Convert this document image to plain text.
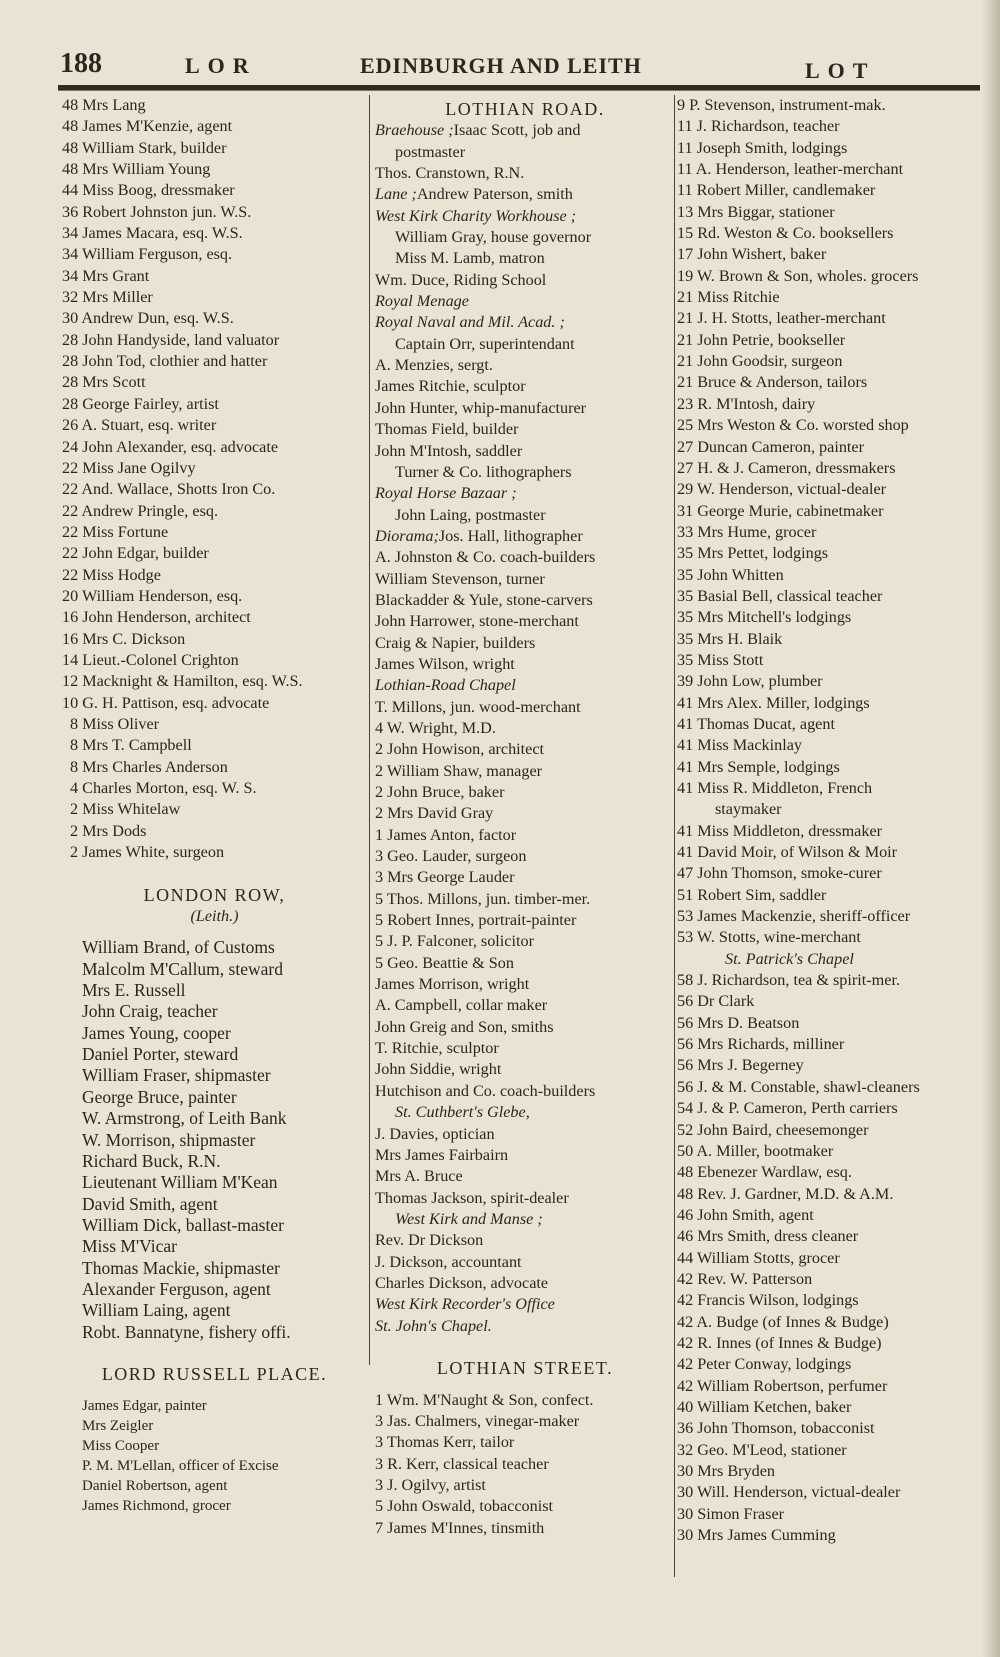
188	LOR	EDINBURGH AND LEITH	LOT
48 Mrs Lang
48 James M'Kenzie, agent
48 William Stark, builder
48 Mrs William Young
44 Miss Boog, dressmaker
36 Robert Johnston jun. W.S.
34 James Macara, esq. W.S.
34 William Ferguson, esq.
34 Mrs Grant
32 Mrs Miller
30 Andrew Dun, esq. W.S.
28 John Handyside, land valuator
28 John Tod, clothier and hatter
28 Mrs Scott
28 George Fairley, artist
26 A. Stuart, esq. writer
24 John Alexander, esq. advocate
22 Miss Jane Ogilvy
22 And. Wallace, Shotts Iron Co.
22 Andrew Pringle, esq.
22 Miss Fortune
22 John Edgar, builder
22 Miss Hodge
20 William Henderson, esq.
16 John Henderson, architect
16 Mrs C. Dickson
14 Lieut.-Colonel Crighton
12 Macknight & Hamilton, esq. W.S.
10 G. H. Pattison, esq. advocate
8 Miss Oliver
8 Mrs T. Campbell
8 Mrs Charles Anderson
4 Charles Morton, esq. W. S.
2 Miss Whitelaw
2 Mrs Dods
2 James White, surgeon
LONDON ROW,
(Leith.)
William Brand, of Customs
Malcolm M'Callum, steward
Mrs E. Russell
John Craig, teacher
James Young, cooper
Daniel Porter, steward
William Fraser, shipmaster
George Bruce, painter
W. Armstrong, of Leith Bank
W. Morrison, shipmaster
Richard Buck, R.N.
Lieutenant William M'Kean
David Smith, agent
William Dick, ballast-master
Miss M'Vicar
Thomas Mackie, shipmaster
Alexander Ferguson, agent
William Laing, agent
Robt. Bannatyne, fishery offi.
LORD RUSSELL PLACE.
James Edgar, painter
Mrs Zeigler
Miss Cooper
P. M. M'Lellan, officer of Excise
Daniel Robertson, agent
James Richmond, grocer
LOTHIAN ROAD.
Braehouse ;Isaac Scott, job and
postmaster
Thos. Cranstown, R.N.
Lane ;Andrew Paterson, smith
West Kirk Charity Workhouse ;
William Gray, house governor
Miss M. Lamb, matron
Wm. Duce, Riding School
Royal Menage
Royal Naval and Mil. Acad. ;
Captain Orr, superintendant
A. Menzies, sergt.
James Ritchie, sculptor
John Hunter, whip-manufacturer
Thomas Field, builder
John M'Intosh, saddler
Turner & Co. lithographers
Royal Horse Bazaar ;
John Laing, postmaster
Diorama;Jos. Hall, lithographer
A. Johnston & Co. coach-builders
William Stevenson, turner
Blackadder & Yule, stone-carvers
John Harrower, stone-merchant
Craig & Napier, builders
James Wilson, wright
Lothian-Road Chapel
T. Millons, jun. wood-merchant
4 W. Wright, M.D.
2 John Howison, architect
2 William Shaw, manager
2 John Bruce, baker
2 Mrs David Gray
1 James Anton, factor
3 Geo. Lauder, surgeon
3 Mrs George Lauder
5 Thos. Millons, jun. timber-mer.
5 Robert Innes, portrait-painter
5 J. P. Falconer, solicitor
5 Geo. Beattie & Son
James Morrison, wright
A. Campbell, collar maker
John Greig and Son, smiths
T. Ritchie, sculptor
John Siddie, wright
Hutchison and Co. coach-builders
St. Cuthbert's Glebe,
J. Davies, optician
Mrs James Fairbairn
Mrs A. Bruce
Thomas Jackson, spirit-dealer
West Kirk and Manse ;
Rev. Dr Dickson
J. Dickson, accountant
Charles Dickson, advocate
West Kirk Recorder's Office
St. John's Chapel.
LOTHIAN STREET.
1 Wm. M'Naught & Son, confect.
3 Jas. Chalmers, vinegar-maker
3 Thomas Kerr, tailor
3 R. Kerr, classical teacher
3 J. Ogilvy, artist
5 John Oswald, tobacconist
7 James M'Innes, tinsmith
9 P. Stevenson, instrument-mak.
11 J. Richardson, teacher
11 Joseph Smith, lodgings
11 A. Henderson, leather-merchant
11 Robert Miller, candlemaker
13 Mrs Biggar, stationer
15 Rd. Weston & Co. booksellers
17 John Wishert, baker
19 W. Brown & Son, wholes. grocers
21 Miss Ritchie
21 J. H. Stotts, leather-merchant
21 John Petrie, bookseller
21 John Goodsir, surgeon
21 Bruce & Anderson, tailors
23 R. M'Intosh, dairy
25 Mrs Weston & Co. worsted shop
27 Duncan Cameron, painter
27 H. & J. Cameron, dressmakers
29 W. Henderson, victual-dealer
31 George Murie, cabinetmaker
33 Mrs Hume, grocer
35 Mrs Pettet, lodgings
35 John Whitten
35 Basial Bell, classical teacher
35 Mrs Mitchell's lodgings
35 Mrs H. Blaik
35 Miss Stott
39 John Low, plumber
41 Mrs Alex. Miller, lodgings
41 Thomas Ducat, agent
41 Miss Mackinlay
41 Mrs Semple, lodgings
41 Miss R. Middleton, French
staymaker
41 Miss Middleton, dressmaker
41 David Moir, of Wilson & Moir
47 John Thomson, smoke-curer
51 Robert Sim, saddler
53 James Mackenzie, sheriff-officer
53 W. Stotts, wine-merchant
St. Patrick's Chapel
58 J. Richardson, tea & spirit-mer.
56 Dr Clark
56 Mrs D. Beatson
56 Mrs Richards, milliner
56 Mrs J. Begerney
56 J. & M. Constable, shawl-cleaners
54 J. & P. Cameron, Perth carriers
52 John Baird, cheesemonger
50 A. Miller, bootmaker
48 Ebenezer Wardlaw, esq.
48 Rev. J. Gardner, M.D. & A.M.
46 John Smith, agent
46 Mrs Smith, dress cleaner
44 William Stotts, grocer
42 Rev. W. Patterson
42 Francis Wilson, lodgings
42 A. Budge (of Innes & Budge)
42 R. Innes (of Innes & Budge)
42 Peter Conway, lodgings
42 William Robertson, perfumer
40 William Ketchen, baker
36 John Thomson, tobacconist
32 Geo. M'Leod, stationer
30 Mrs Bryden
30 Will. Henderson, victual-dealer
30 Simon Fraser
30 Mrs James Cumming
